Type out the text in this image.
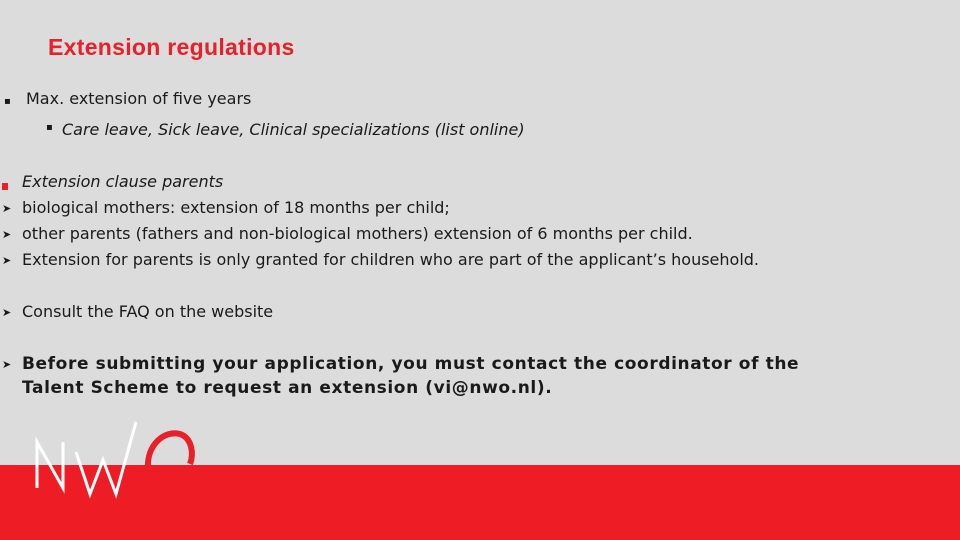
Extension regulations
▪ Max. extension of five years
▪ Care leave, Sick leave, Clinical specializations (list online)
Extension clause parents
➤ biological mothers: extension of 18 months per child;
➤ other parents (fathers and non-biological mothers) extension of 6 months per child.
➤ Extension for parents is only granted for children who are part of the applicant’s household.
➤ Consult the FAQ on the website
➤ Before submitting your application, you must contact the coordinator of the
Talent Scheme to request an extension (vi@nwo.nl).
